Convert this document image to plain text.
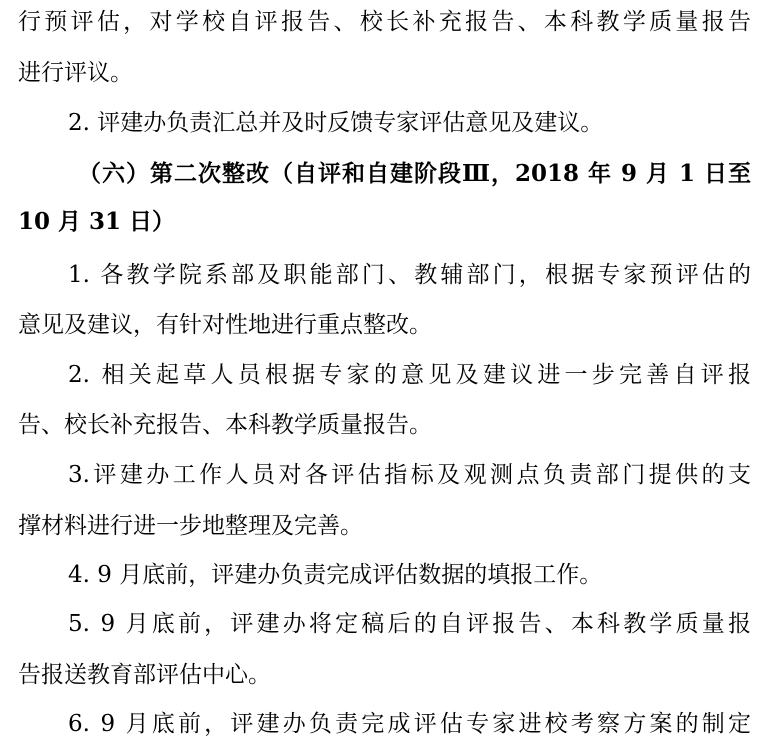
行预评估，对学校自评报告、校长补充报告、本科教学质量报告
进行评议。
2. 评建办负责汇总并及时反馈专家评估意见及建议。
（六）第二次整改（自评和自建阶段Ⅲ，2018 年 9 月 1 日至
10 月 31 日）
1. 各教学院系部及职能部门、教辅部门，根据专家预评估的
意见及建议，有针对性地进行重点整改。
2. 相关起草人员根据专家的意见及建议进一步完善自评报
告、校长补充报告、本科教学质量报告。
3.评建办工作人员对各评估指标及观测点负责部门提供的支
撑材料进行进一步地整理及完善。
4. 9 月底前，评建办负责完成评估数据的填报工作。
5. 9 月底前，评建办将定稿后的自评报告、本科教学质量报
告报送教育部评估中心。
6. 9 月底前，评建办负责完成评估专家进校考察方案的制定
